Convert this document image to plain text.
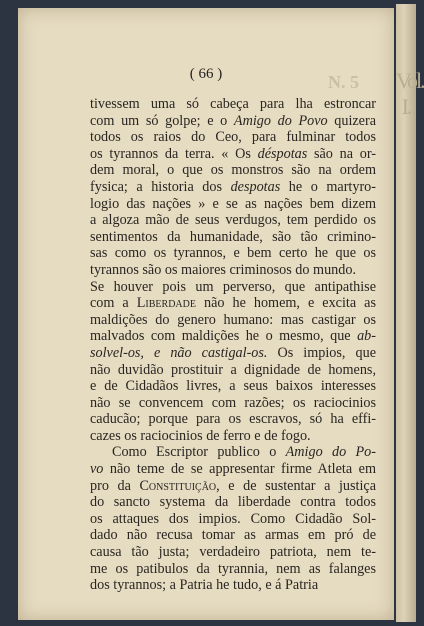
Vol. I.
N. 5
( 66 )
tivessem uma só cabeça para lha estroncar
com um só golpe; e o Amigo do Povo quizera
todos os raios do Ceo, para fulminar todos
os tyrannos da terra. « Os déspotas são na or-
dem moral, o que os monstros são na ordem
fysica; a historia dos despotas he o martyro-
logio das nações » e se as nações bem dizem
a algoza mão de seus verdugos, tem perdido os
sentimentos da humanidade, são tão crimino-
sas como os tyrannos, e bem certo he que os
tyrannos são os maiores criminosos do mundo.
Se houver pois um perverso, que antipathise
com a Liberdade não he homem, e excita as
maldições do genero humano: mas castigar os
malvados com maldições he o mesmo, que ab-
solvel-os, e não castigal-os. Os impios, que
não duvidão prostituir a dignidade de homens,
e de Cidadãos livres, a seus baixos interesses
não se convencem com razões; os raciocinios
caducão; porque para os escravos, só ha effi-
cazes os raciocinios de ferro e de fogo.
Como Escriptor publico o Amigo do Po-
vo não teme de se appresentar firme Atleta em
pro da Constituição, e de sustentar a justiça
do sancto systema da liberdade contra todos
os attaques dos impios. Como Cidadão Sol-
dado não recusa tomar as armas em pró de
causa tão justa; verdadeiro patriota, nem te-
me os patibulos da tyrannia, nem as falanges
dos tyrannos; a Patria he tudo, e á Patria
